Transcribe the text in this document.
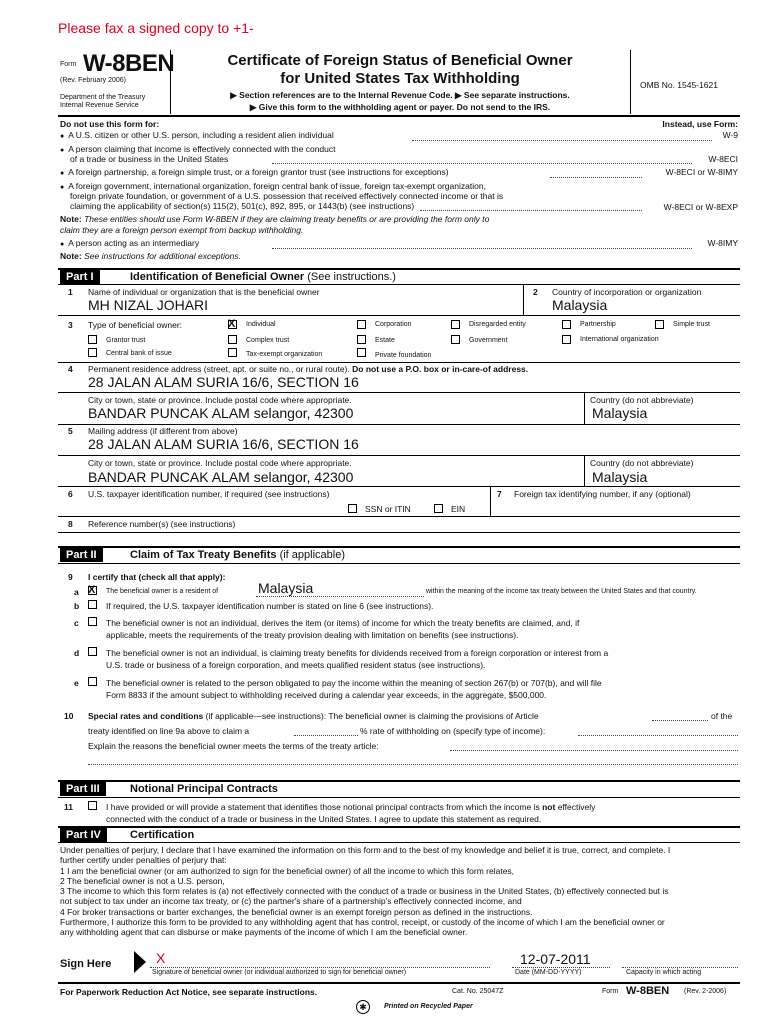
Please fax a signed copy to +1-
Form W-8BEN
(Rev. February 2006)
Department of the Treasury
Internal Revenue Service
Certificate of Foreign Status of Beneficial Owner
for United States Tax Withholding
▶ Section references are to the Internal Revenue Code. ▶ See separate instructions.
▶ Give this form to the withholding agent or payer. Do not send to the IRS.
OMB No. 1545-1621
Do not use this form for:	Instead, use Form:
● A U.S. citizen or other U.S. person, including a resident alien individual	W-9
● A person claiming that income is effectively connected with the conduct
of a trade or business in the United States	W-8ECI
● A foreign partnership, a foreign simple trust, or a foreign grantor trust (see instructions for exceptions)	W-8ECI or W-8IMY
● A foreign government, international organization, foreign central bank of issue, foreign tax-exempt organization,
foreign private foundation, or government of a U.S. possession that received effectively connected income or that is
claiming the applicability of section(s) 115(2), 501(c), 892, 895, or 1443(b) (see instructions)	W-8ECI or W-8EXP
Note: These entities should use Form W-8BEN if they are claiming treaty benefits or are providing the form only to
claim they are a foreign person exempt from backup withholding.
● A person acting as an intermediary	W-8IMY
Note: See instructions for additional exceptions.
Part I	Identification of Beneficial Owner (See instructions.)
1 Name of individual or organization that is the beneficial owner
MH NIZAL JOHARI
2 Country of incorporation or organization
Malaysia
3 Type of beneficial owner:	X Individual	Corporation	Disregarded entity	Partnership	Simple trust
Grantor trust	Complex trust	Estate	Government	International organization
Central bank of issue	Tax-exempt organization	Private foundation
4 Permanent residence address (street, apt. or suite no., or rural route). Do not use a P.O. box or in-care-of address.
28 JALAN ALAM SURIA 16/6, SECTION 16
City or town, state or province. Include postal code where appropriate.
BANDAR PUNCAK ALAM selangor, 42300
Country (do not abbreviate)
Malaysia
5 Mailing address (if different from above)
28 JALAN ALAM SURIA 16/6, SECTION 16
City or town, state or province. Include postal code where appropriate.
BANDAR PUNCAK ALAM selangor, 42300
Country (do not abbreviate)
Malaysia
6 U.S. taxpayer identification number, if required (see instructions)
SSN or ITIN	EIN
7 Foreign tax identifying number, if any (optional)
8 Reference number(s) (see instructions)
Part II	Claim of Tax Treaty Benefits (if applicable)
9 I certify that (check all that apply):
a X The beneficial owner is a resident of	Malaysia	within the meaning of the income tax treaty between the United States and that country.
b	If required, the U.S. taxpayer identification number is stated on line 6 (see instructions).
c	The beneficial owner is not an individual, derives the item (or items) of income for which the treaty benefits are claimed, and, if
applicable, meets the requirements of the treaty provision dealing with limitation on benefits (see instructions).
d	The beneficial owner is not an individual, is claiming treaty benefits for dividends received from a foreign corporation or interest from a
U.S. trade or business of a foreign corporation, and meets qualified resident status (see instructions).
e	The beneficial owner is related to the person obligated to pay the income within the meaning of section 267(b) or 707(b), and will file
Form 8833 if the amount subject to withholding received during a calendar year exceeds, in the aggregate, $500,000.
10 Special rates and conditions (if applicable—see instructions): The beneficial owner is claiming the provisions of Article	of the
treaty identified on line 9a above to claim a	% rate of withholding on (specify type of income):
Explain the reasons the beneficial owner meets the terms of the treaty article:
Part III	Notional Principal Contracts
11	I have provided or will provide a statement that identifies those notional principal contracts from which the income is not effectively
connected with the conduct of a trade or business in the United States. I agree to update this statement as required.
Part IV	Certification
Under penalties of perjury, I declare that I have examined the information on this form and to the best of my knowledge and belief it is true, correct, and complete. I
further certify under penalties of perjury that:
1 I am the beneficial owner (or am authorized to sign for the beneficial owner) of all the income to which this form relates,
2 The beneficial owner is not a U.S. person,
3 The income to which this form relates is (a) not effectively connected with the conduct of a trade or business in the United States, (b) effectively connected but is
not subject to tax under an income tax treaty, or (c) the partner's share of a partnership's effectively connected income, and
4 For broker transactions or barter exchanges, the beneficial owner is an exempt foreign person as defined in the instructions.
Furthermore, I authorize this form to be provided to any withholding agent that has control, receipt, or custody of the income of which I am the beneficial owner or
any withholding agent that can disburse or make payments of the income of which I am the beneficial owner.
Sign Here	X
Signature of beneficial owner (or individual authorized to sign for beneficial owner)
12-07-2011
Date (MM-DD-YYYY)	Capacity in which acting
For Paperwork Reduction Act Notice, see separate instructions.	Cat. No. 25047Z	Form W-8BEN (Rev. 2-2006)
✱	Printed on Recycled Paper
